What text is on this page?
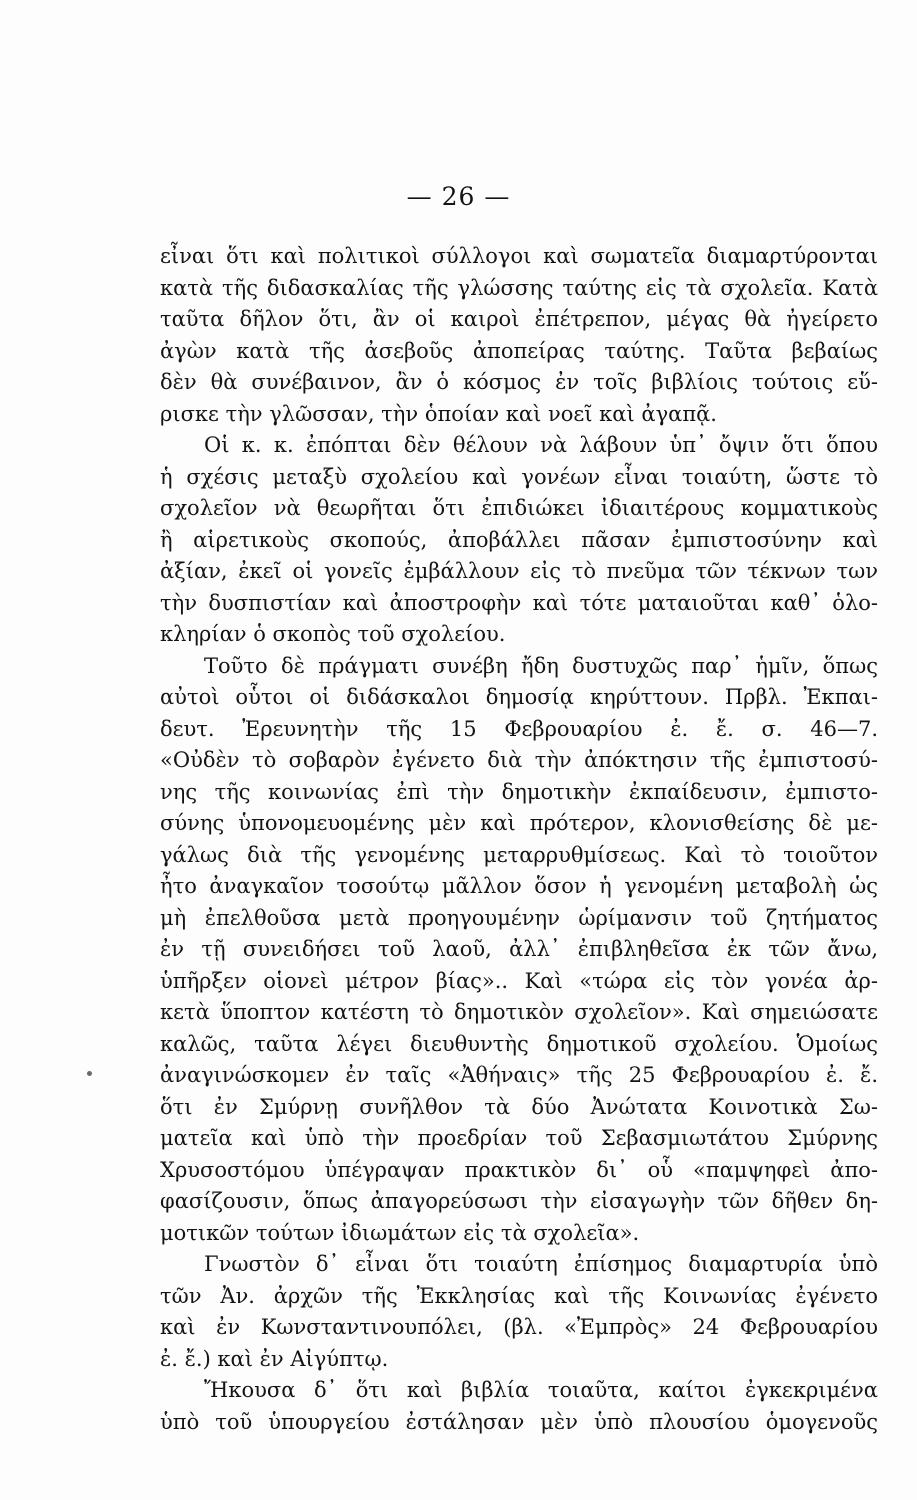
— 26 —
εἶναι ὅτι καὶ πολιτικοὶ σύλλογοι καὶ σωματεῖα διαμαρτύρονται
κατὰ τῆς διδασκαλίας τῆς γλώσσης ταύτης εἰς τὰ σχολεῖα. Κατὰ
ταῦτα δῆλον ὅτι, ἂν οἱ καιροὶ ἐπέτρεπον, μέγας θὰ ἠγείρετο
ἀγὼν κατὰ τῆς ἀσεβοῦς ἀποπείρας ταύτης. Ταῦτα βεβαίως
δὲν θὰ συνέβαινον, ἂν ὁ κόσμος ἐν τοῖς βιβλίοις τούτοις εὕ-
ρισκε τὴν γλῶσσαν, τὴν ὁποίαν καὶ νοεῖ καὶ ἀγαπᾷ.
Οἱ κ. κ. ἐπόπται δὲν θέλουν νὰ λάβουν ὑπ᾿ ὄψιν ὅτι ὅπου
ἡ σχέσις μεταξὺ σχολείου καὶ γονέων εἶναι τοιαύτη, ὥστε τὸ
σχολεῖον νὰ θεωρῆται ὅτι ἐπιδιώκει ἰδιαιτέρους κομματικοὺς
ἢ αἱρετικοὺς σκοπούς, ἀποβάλλει πᾶσαν ἐμπιστοσύνην καὶ
ἀξίαν, ἐκεῖ οἱ γονεῖς ἐμβάλλουν εἰς τὸ πνεῦμα τῶν τέκνων των
τὴν δυσπιστίαν καὶ ἀποστροφὴν καὶ τότε ματαιοῦται καθ᾿ ὁλο-
κληρίαν ὁ σκοπὸς τοῦ σχολείου.
Τοῦτο δὲ πράγματι συνέβη ἤδη δυστυχῶς παρ᾿ ἡμῖν, ὅπως
αὐτοὶ οὗτοι οἱ διδάσκαλοι δημοσίᾳ κηρύττουν. Πρβλ. Ἐκπαι-
δευτ. Ἐρευνητὴν τῆς 15 Φεβρουαρίου ἐ. ἔ. σ. 46—7.
«Οὐδὲν τὸ σοβαρὸν ἐγένετο διὰ τὴν ἀπόκτησιν τῆς ἐμπιστοσύ-
νης τῆς κοινωνίας ἐπὶ τὴν δημοτικὴν ἐκπαίδευσιν, ἐμπιστο-
σύνης ὑπονομευομένης μὲν καὶ πρότερον, κλονισθείσης δὲ με-
γάλως διὰ τῆς γενομένης μεταρρυθμίσεως. Καὶ τὸ τοιοῦτον
ἦτο ἀναγκαῖον τοσούτῳ μᾶλλον ὅσον ἡ γενομένη μεταβολὴ ὡς
μὴ ἐπελθοῦσα μετὰ προηγουμένην ὡρίμανσιν τοῦ ζητήματος
ἐν τῇ συνειδήσει τοῦ λαοῦ, ἀλλ᾿ ἐπιβληθεῖσα ἐκ τῶν ἄνω,
ὑπῆρξεν οἱονεὶ μέτρον βίας».. Καὶ «τώρα εἰς τὸν γονέα ἀρ-
κετὰ ὕποπτον κατέστη τὸ δημοτικὸν σχολεῖον». Καὶ σημειώσατε
καλῶς, ταῦτα λέγει διευθυντὴς δημοτικοῦ σχολείου. Ὁμοίως
ἀναγινώσκομεν ἐν ταῖς «Ἀθήναις» τῆς 25 Φεβρουαρίου ἐ. ἔ.
ὅτι ἐν Σμύρνῃ συνῆλθον τὰ δύο Ἀνώτατα Κοινοτικὰ Σω-
ματεῖα καὶ ὑπὸ τὴν προεδρίαν τοῦ Σεβασμιωτάτου Σμύρνης
Χρυσοστόμου ὑπέγραψαν πρακτικὸν δι᾿ οὗ «παμψηφεὶ ἀπο-
φασίζουσιν, ὅπως ἀπαγορεύσωσι τὴν εἰσαγωγὴν τῶν δῆθεν δη-
μοτικῶν τούτων ἰδιωμάτων εἰς τὰ σχολεῖα».
Γνωστὸν δ᾿ εἶναι ὅτι τοιαύτη ἐπίσημος διαμαρτυρία ὑπὸ
τῶν Ἀν. ἀρχῶν τῆς Ἐκκλησίας καὶ τῆς Κοινωνίας ἐγένετο
καὶ ἐν Κωνσταντινουπόλει, (βλ. «Ἐμπρὸς» 24 Φεβρουαρίου
ἐ. ἔ.) καὶ ἐν Αἰγύπτῳ.
Ἤκουσα δ᾿ ὅτι καὶ βιβλία τοιαῦτα, καίτοι ἐγκεκριμένα
ὑπὸ τοῦ ὑπουργείου ἐστάλησαν μὲν ὑπὸ πλουσίου ὁμογενοῦς
